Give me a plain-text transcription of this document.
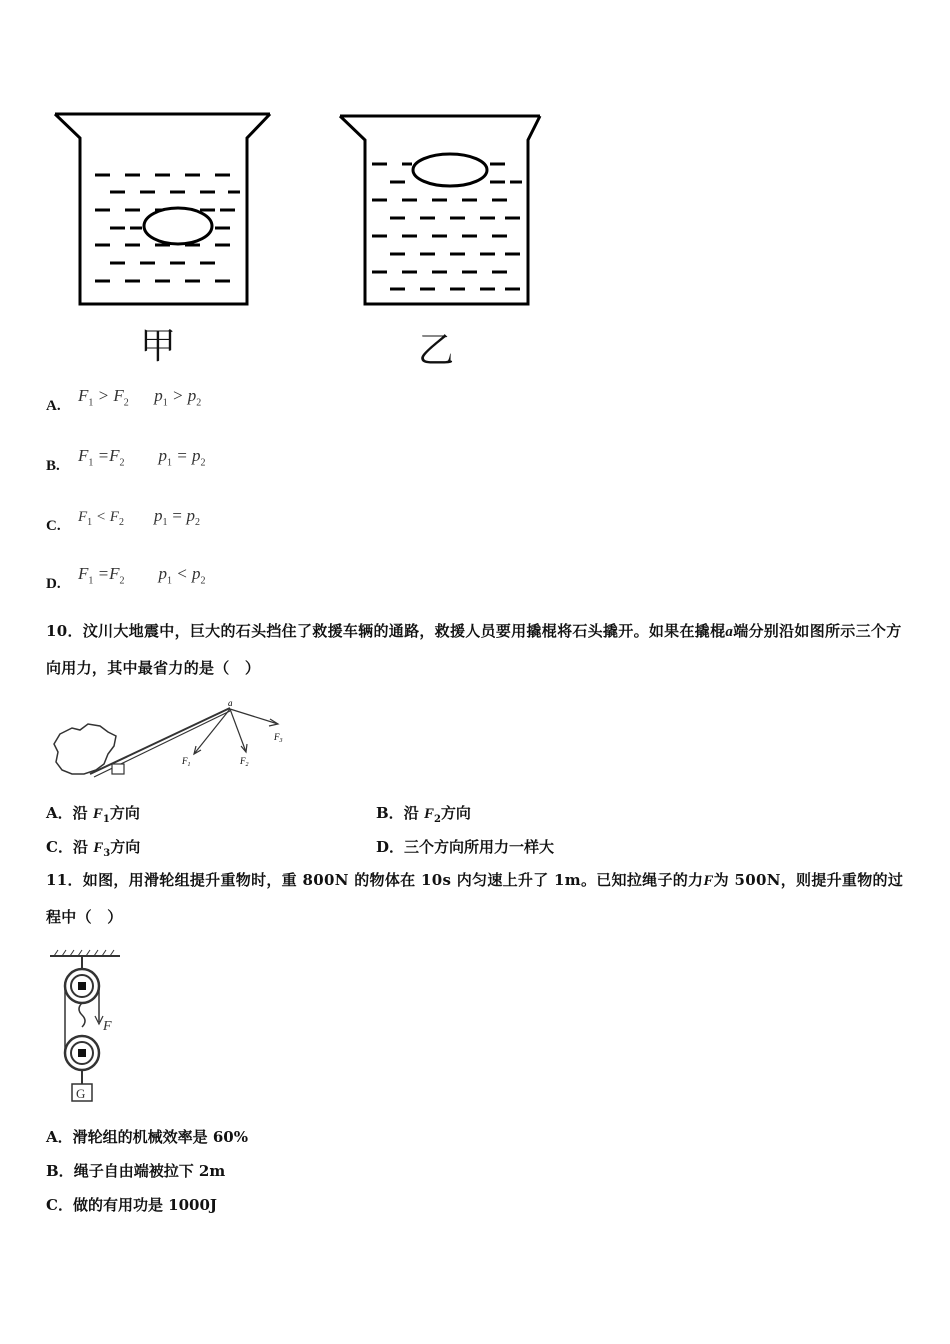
甲	乙
A.
$F_1 > F_2$ $p_1 > p_2$
B.
$F_1 =F_2$ $p_1 = p_2$
C.
$F_1 < F_2$ $p_1 = p_2$
D.
$F_1 =F_2$ $p_1 < p_2$
10．汶川大地震中，巨大的石头挡住了救援车辆的通路，救援人员要用撬棍将石头撬开。如果在撬棍a端分别沿如图所示三个方向用力，其中最省力的是（　）
a
$F_1$	$F_2$
$F_3$
A．沿 $F_1$方向	B．沿 $F_2$方向
C．沿 $F_3$方向	D．三个方向所用力一样大
11．如图，用滑轮组提升重物时，重 800N 的物体在 10s 内匀速上升了 1m。已知拉绳子的力F为 500N，则提升重物的过程中（　）
F
G
A．滑轮组的机械效率是 60%
B．绳子自由端被拉下 2m
C．做的有用功是 1000J
